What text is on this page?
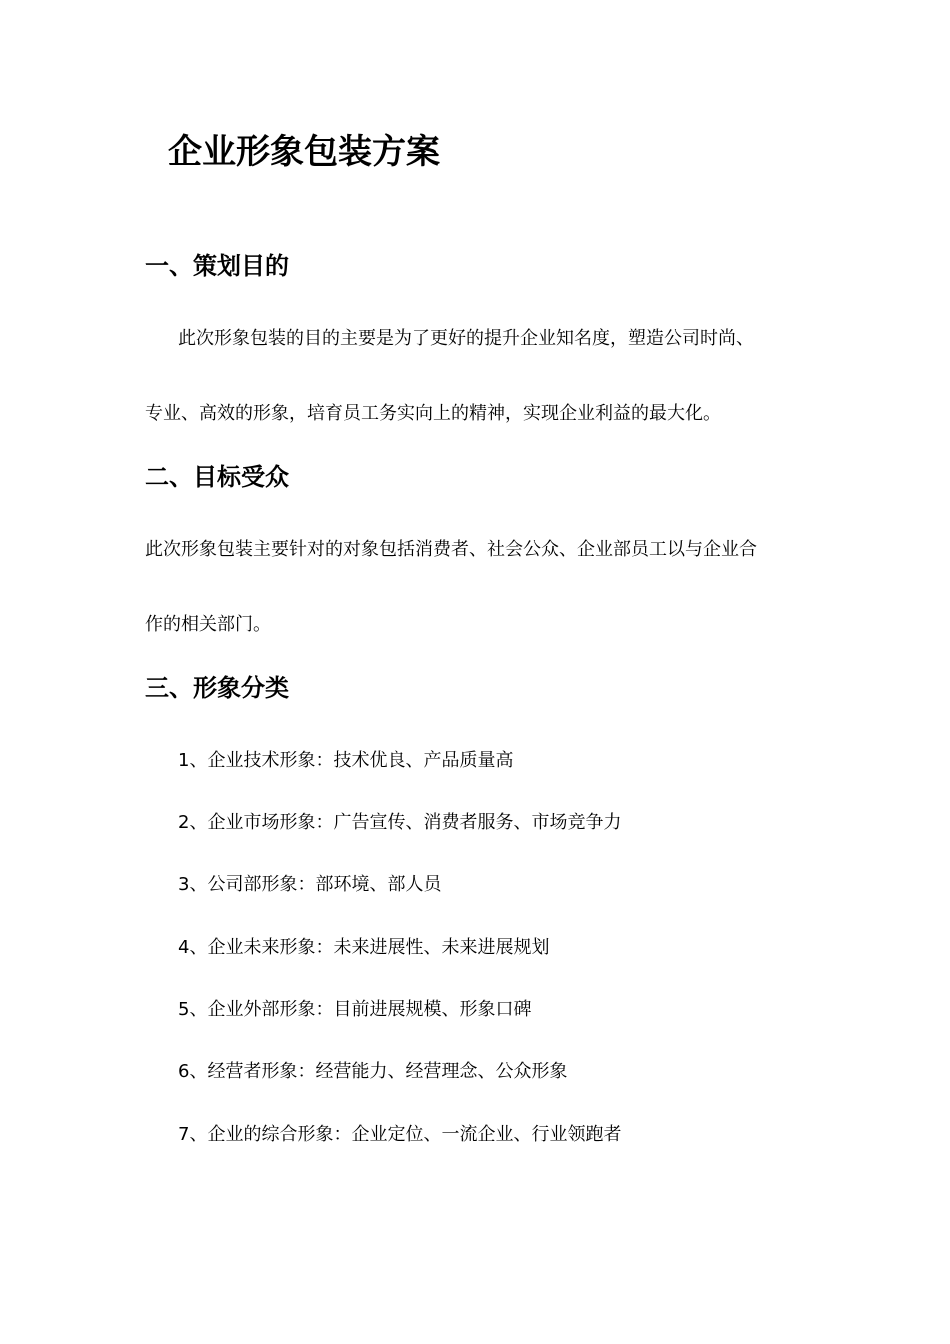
企业形象包装方案
一、策划目的
此次形象包装的目的主要是为了更好的提升企业知名度，塑造公司时尚、
专业、高效的形象，培育员工务实向上的精神，实现企业利益的最大化。
二、目标受众
此次形象包装主要针对的对象包括消费者、社会公众、企业部员工以与企业合
作的相关部门。
三、形象分类
1、企业技术形象：技术优良、产品质量高
2、企业市场形象：广告宣传、消费者服务、市场竞争力
3、公司部形象：部环境、部人员
4、企业未来形象：未来进展性、未来进展规划
5、企业外部形象：目前进展规模、形象口碑
6、经营者形象：经营能力、经营理念、公众形象
7、企业的综合形象：企业定位、一流企业、行业领跑者
